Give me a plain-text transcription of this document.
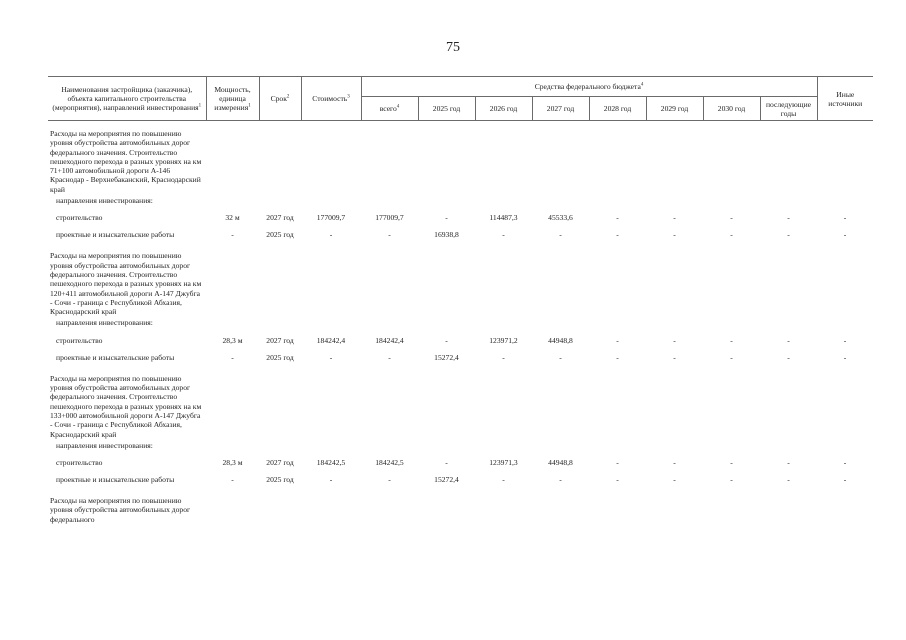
75
Наименования застройщика (заказчика), объекта капитального строительства (мероприятия), направлений инвестирования$^1$	Мощность, единица измерения$^1$	Срок$^2$	Стоимость$^3$	Средства федерального бюджета$^4$								Иные источники
				всего$^4$	2025 год	2026 год	2027 год	2028 год	2029 год	2030 год	последующие годы	
Расходы на мероприятия по повышению уровня обустройства автомобильных дорог федерального значения. Строительство пешеходного перехода в разных уровнях на км 71+100 автомобильной дороги А-146 Краснодар - Верхнебаканский, Краснодарский край												
направления инвестирования:												
строительство	32 м	2027 год	177009,7	177009,7	-	114487,3	45533,6	-	-	-	-	-
проектные и изыскательские работы	-	2025 год	-	-	16938,8	-	-	-	-	-	-	-
Расходы на мероприятия по повышению уровня обустройства автомобильных дорог федерального значения. Строительство пешеходного перехода в разных уровнях на км 120+411 автомобильной дороги А-147 Джубга - Сочи - граница с Республикой Абхазия, Краснодарский край												
направления инвестирования:												
строительство	28,3 м	2027 год	184242,4	184242,4	-	123971,2	44948,8	-	-	-	-	-
проектные и изыскательские работы	-	2025 год	-	-	15272,4	-	-	-	-	-	-	-
Расходы на мероприятия по повышению уровня обустройства автомобильных дорог федерального значения. Строительство пешеходного перехода в разных уровнях на км 133+000 автомобильной дороги А-147 Джубга - Сочи - граница с Республикой Абхазия, Краснодарский край												
направления инвестирования:												
строительство	28,3 м	2027 год	184242,5	184242,5	-	123971,3	44948,8	-	-	-	-	-
проектные и изыскательские работы	-	2025 год	-	-	15272,4	-	-	-	-	-	-	-
Расходы на мероприятия по повышению уровня обустройства автомобильных дорог федерального												
